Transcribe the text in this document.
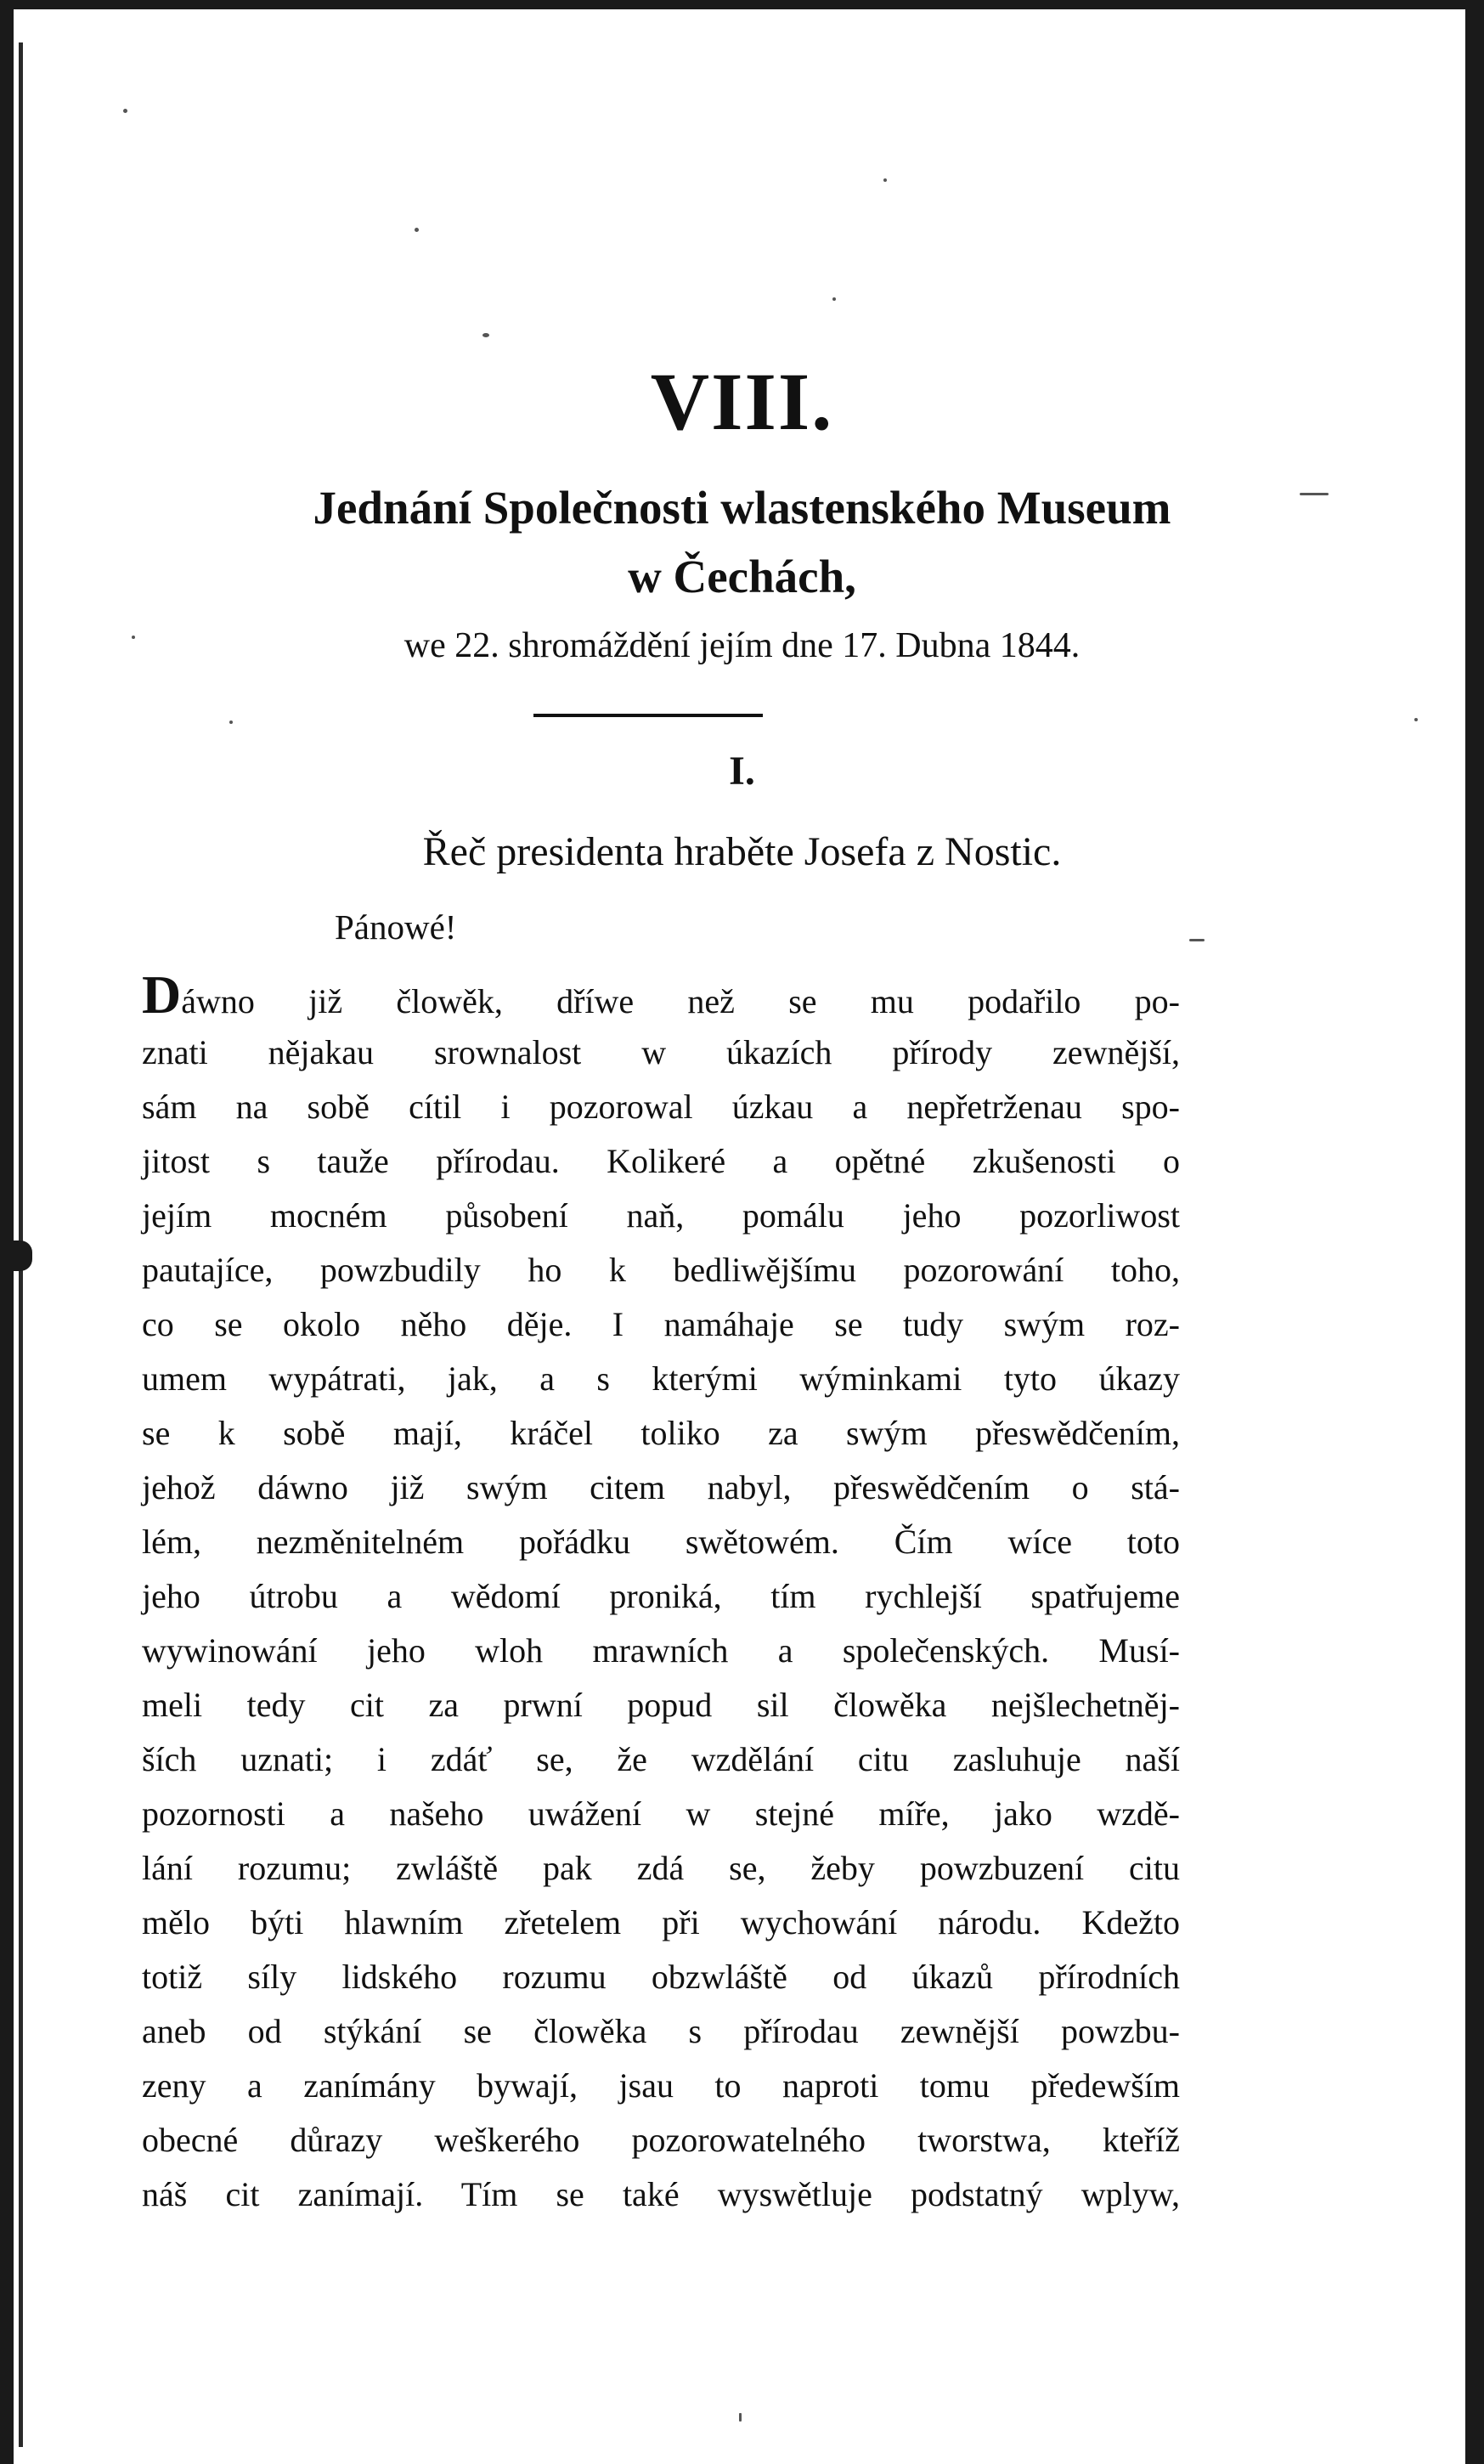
VIII.
Jednání Společnosti wlastenského Museum
w Čechách,
we 22. shromáždění jejím dne 17. Dubna 1844.
I.
Řeč presidenta hraběte Josefa z Nostic.
Pánowé!
Dáwno již člowěk, dříwe než se mu podařilo po-
znati nějakau srownalost w úkazích přírody zewnější,
sám na sobě cítil i pozorowal úzkau a nepřetrženau spo-
jitost s tauže přírodau. Kolikeré a opětné zkušenosti o
jejím mocném působení naň, pomálu jeho pozorliwost
pautajíce, powzbudily ho k bedliwějšímu pozorowání toho,
co se okolo něho děje. I namáhaje se tudy swým roz-
umem wypátrati, jak, a s kterými wýminkami tyto úkazy
se k sobě mají, kráčel toliko za swým přeswědčením,
jehož dáwno již swým citem nabyl, přeswědčením o stá-
lém, nezměnitelném pořádku swětowém. Čím wíce toto
jeho útrobu a wědomí proniká, tím rychlejší spatřujeme
wywinowání jeho wloh mrawních a společenských. Musí-
meli tedy cit za prwní popud sil člowěka nejšlechetněj-
ších uznati; i zdáť se, že wzdělání citu zasluhuje naší
pozornosti a našeho uwážení w stejné míře, jako wzdě-
lání rozumu; zwláště pak zdá se, žeby powzbuzení citu
mělo býti hlawním zřetelem při wychowání národu. Kdežto
totiž síly lidského rozumu obzwláště od úkazů přírodních
aneb od stýkání se člowěka s přírodau zewnější powzbu-
zeny a zanímány bywají, jsau to naproti tomu předewším
obecné důrazy weškerého pozorowatelného tworstwa, kteříž
náš cit zanímají. Tím se také wyswětluje podstatný wplyw,
